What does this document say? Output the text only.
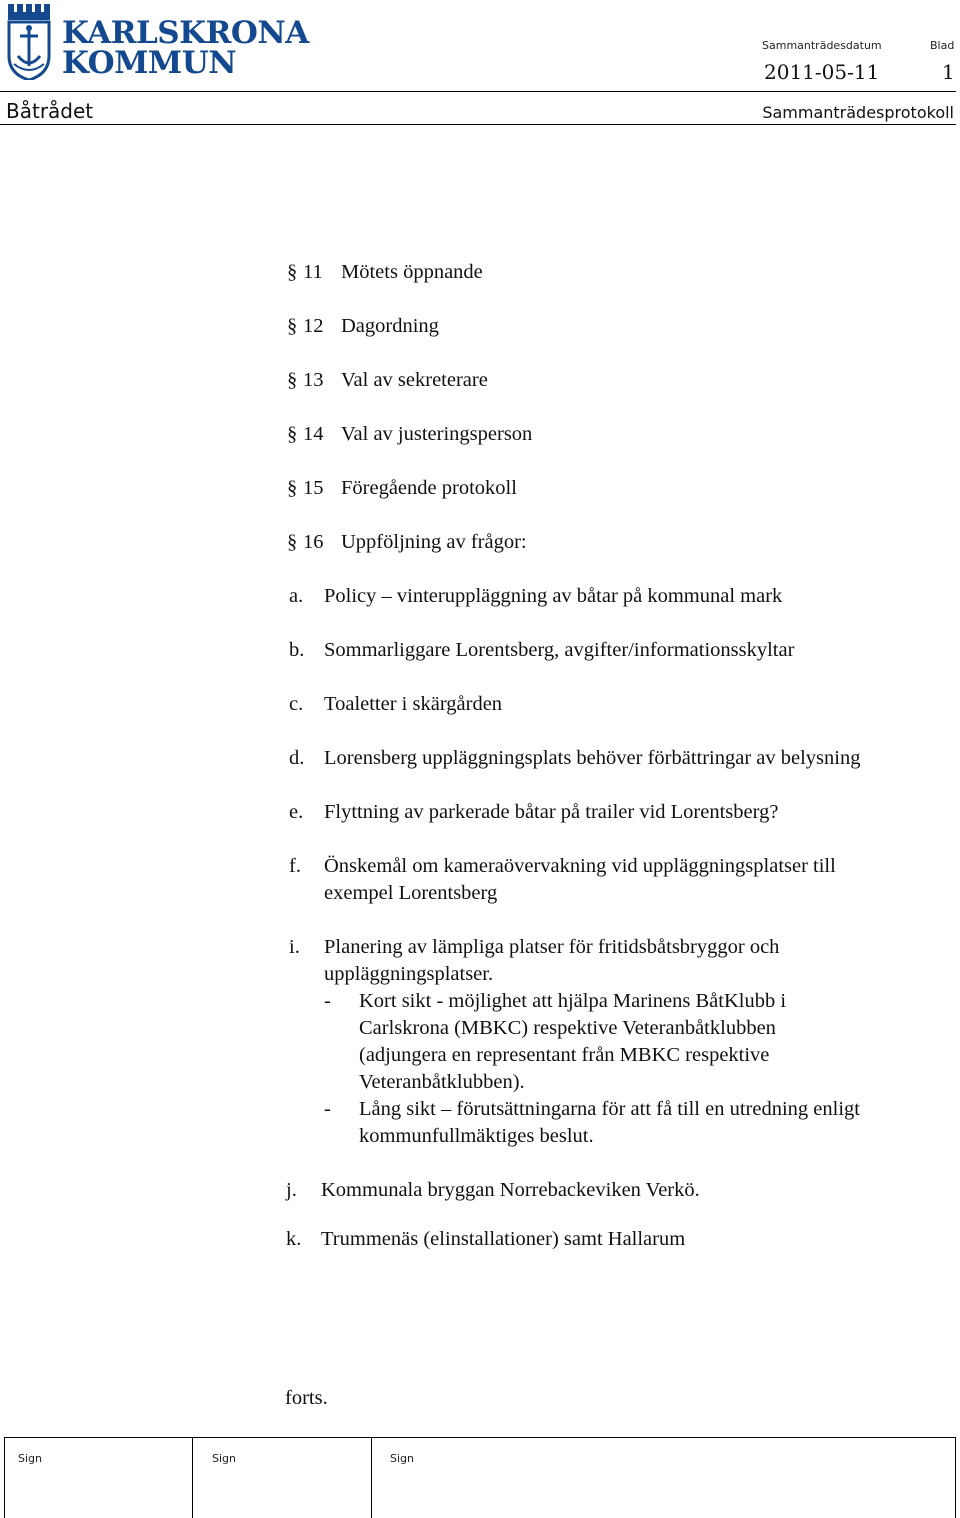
KARLSKRONA
KOMMUN	Sammanträdesdatum	Blad
2011-05-11	1
Båtrådet	Sammanträdesprotokoll
§ 11 Mötets öppnande
§ 12 Dagordning
§ 13 Val av sekreterare
§ 14 Val av justeringsperson
§ 15 Föregående protokoll
§ 16 Uppföljning av frågor:
a. Policy – vinteruppläggning av båtar på kommunal mark
b. Sommarliggare Lorentsberg, avgifter/informationsskyltar
c. Toaletter i skärgården
d. Lorensberg uppläggningsplats behöver förbättringar av belysning
e. Flyttning av parkerade båtar på trailer vid Lorentsberg?
f. Önskemål om kameraövervakning vid uppläggningsplatser till
exempel Lorentsberg
i. Planering av lämpliga platser för fritidsbåtsbryggor och
uppläggningsplatser.
- Kort sikt - möjlighet att hjälpa Marinens BåtKlubb i
Carlskrona (MBKC) respektive Veteranbåtklubben
(adjungera en representant från MBKC respektive
Veteranbåtklubben).
- Lång sikt – förutsättningarna för att få till en utredning enligt
kommunfullmäktiges beslut.
j. Kommunala bryggan Norrebackeviken Verkö.
k. Trummenäs (elinstallationer) samt Hallarum
forts.
Sign	Sign	Sign
